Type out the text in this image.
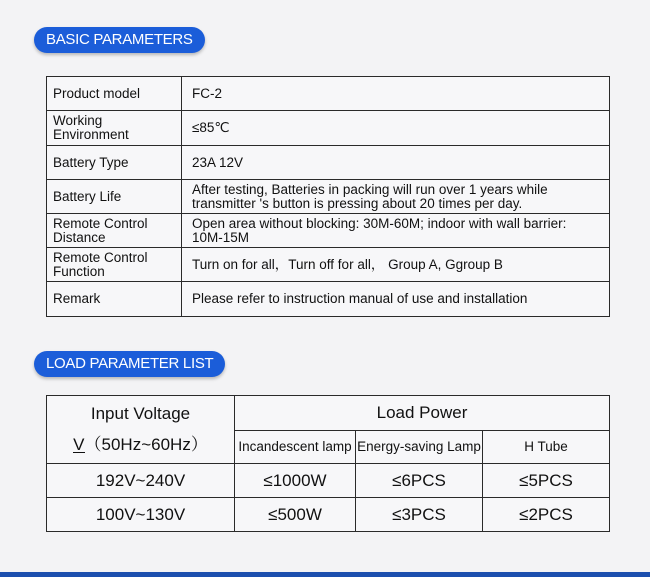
BASIC PARAMETERS
Product model	FC-2
Working Environment	≤85℃
Battery Type	23A 12V
Battery Life	After testing, Batteries in packing will run over 1 years while transmitter 's button is pressing about 20 times per day.
Remote Control Distance	Open area without blocking: 30M-60M; indoor with wall barrier: 10M-15M
Remote Control Function	Turn on for all，Turn off for all， Group A, Ggroup B
Remark	Please refer to instruction manual of use and installation
LOAD PARAMETER LIST
Input Voltage
V（50Hz~60Hz）	Load Power		
	Incandescent lamp	Energy-saving Lamp	H Tube
192V~240V	≤1000W	≤6PCS	≤5PCS
100V~130V	≤500W	≤3PCS	≤2PCS
